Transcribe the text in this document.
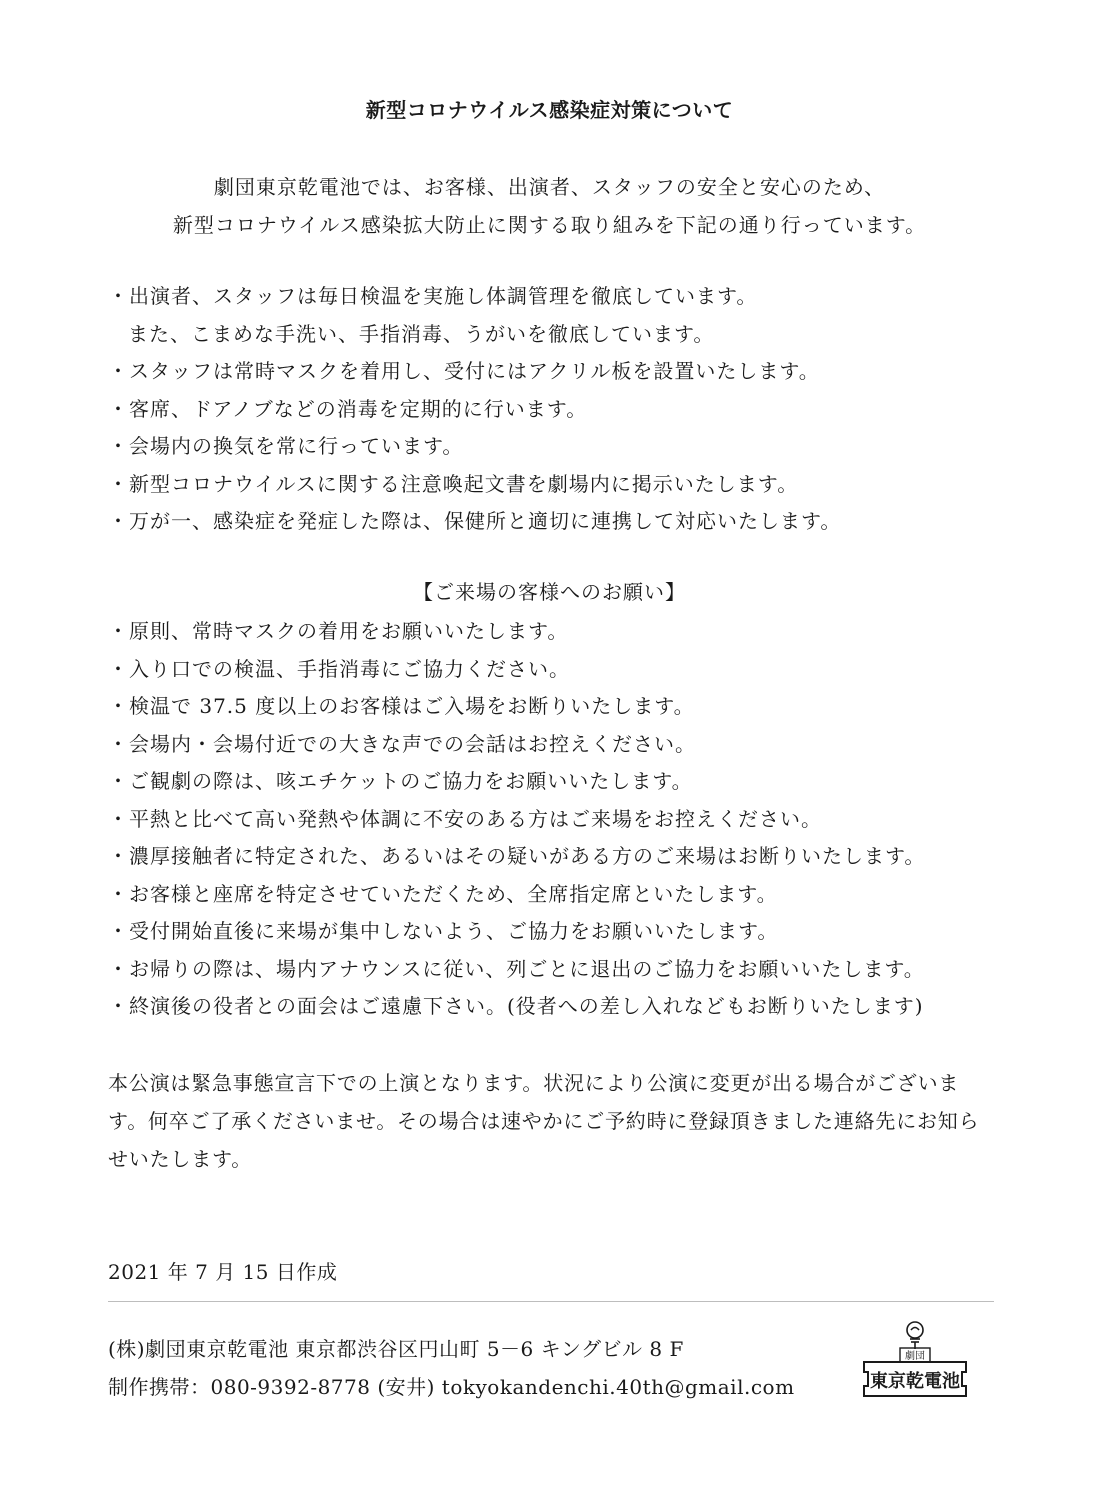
新型コロナウイルス感染症対策について
劇団東京乾電池では、お客様、出演者、スタッフの安全と安心のため、
新型コロナウイルス感染拡大防止に関する取り組みを下記の通り行っています。
・出演者、スタッフは毎日検温を実施し体調管理を徹底しています。
また、こまめな手洗い、手指消毒、うがいを徹底しています。
・スタッフは常時マスクを着用し、受付にはアクリル板を設置いたします。
・客席、ドアノブなどの消毒を定期的に行います。
・会場内の換気を常に行っています。
・新型コロナウイルスに関する注意喚起文書を劇場内に掲示いたします。
・万が一、感染症を発症した際は、保健所と適切に連携して対応いたします。
【ご来場の客様へのお願い】
・原則、常時マスクの着用をお願いいたします。
・入り口での検温、手指消毒にご協力ください。
・検温で 37.5 度以上のお客様はご入場をお断りいたします。
・会場内・会場付近での大きな声での会話はお控えください。
・ご観劇の際は、咳エチケットのご協力をお願いいたします。
・平熱と比べて高い発熱や体調に不安のある方はご来場をお控えください。
・濃厚接触者に特定された、あるいはその疑いがある方のご来場はお断りいたします。
・お客様と座席を特定させていただくため、全席指定席といたします。
・受付開始直後に来場が集中しないよう、ご協力をお願いいたします。
・お帰りの際は、場内アナウンスに従い、列ごとに退出のご協力をお願いいたします。
・終演後の役者との面会はご遠慮下さい。(役者への差し入れなどもお断りいたします)

本公演は緊急事態宣言下での上演となります。状況により公演に変更が出る場合がございます。何卒ご了承くださいませ。その場合は速やかにご予約時に登録頂きました連絡先にお知らせいたします。

2021 年 7 月 15 日作成
(株)劇団東京乾電池 東京都渋谷区円山町 5－6 キングビル 8 F
制作携帯：080-9392-8778 (安井) tokyokandenchi.40th@gmail.com
劇団
東京乾電池
